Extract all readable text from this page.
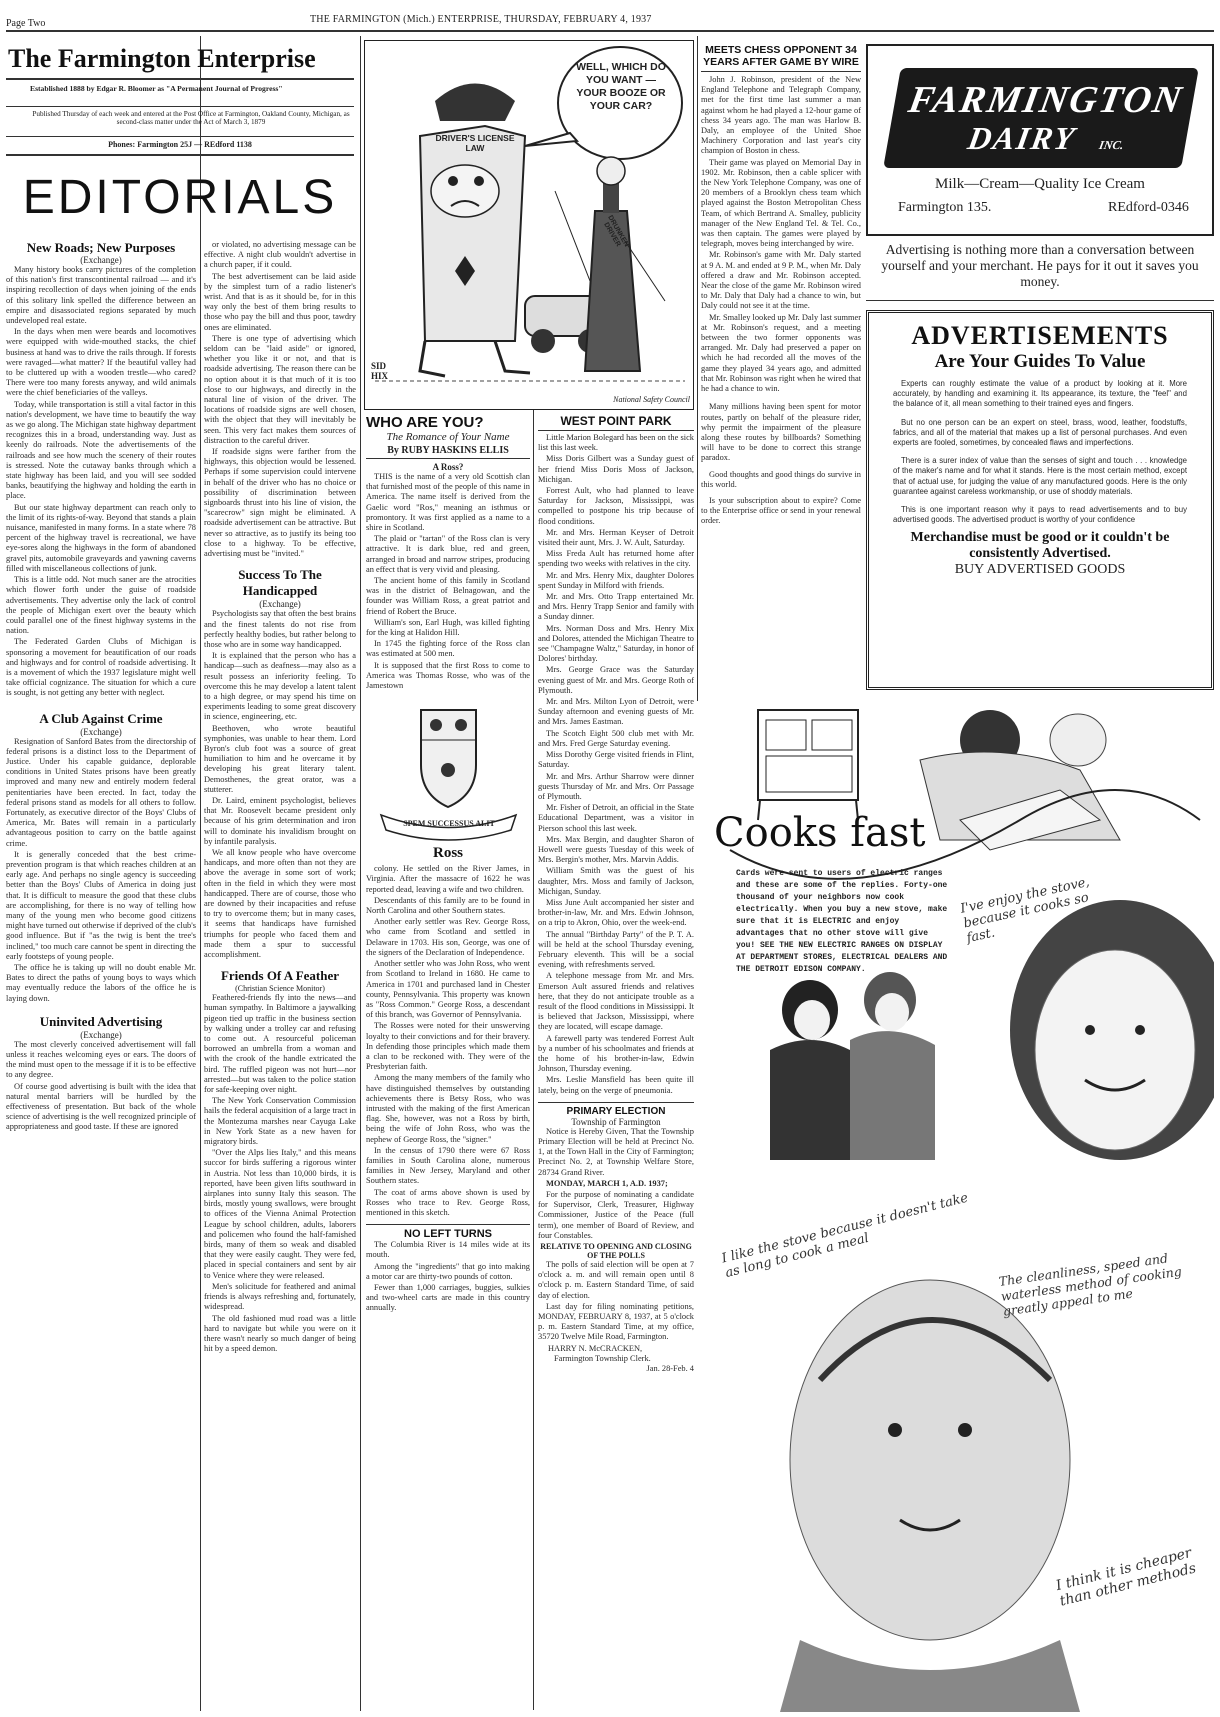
Page Two	THE FARMINGTON (Mich.) ENTERPRISE, THURSDAY, FEBRUARY 4, 1937
The Farmington Enterprise
Established 1888 by Edgar R. Bloomer as "A Permanent Journal of Progress"
Published Thursday of each week and entered at the Post Office at Farmington, Oakland County, Michigan, as second-class matter under the Act of March 3, 1879
Phones: Farmington 25J — REdford 1138
EDITORIALS
New Roads; New Purposes
(Exchange)

Many history books carry pictures of the completion of this nation's first transcontinental railroad — and it's inspiring recollection of days when joining of the ends of this solitary link spelled the difference between an empire and disassociated regions separated by much undeveloped real estate.

In the days when men were beards and locomotives were equipped with wide-mouthed stacks, the chief business at hand was to drive the rails through. If forests were ravaged—what matter? If the beautiful valley had to be cluttered up with a wooden trestle—who cared? There were too many forests anyway, and wild animals were the chief beneficiaries of the valleys.

Today, while transportation is still a vital factor in this nation's development, we have time to beautify the way as we go along. The Michigan state highway department recognizes this in a broad, understanding way. Just as keenly do railroads. Note the advertisements of the railroads and see how much the scenery of their routes is stressed. Note the cutaway banks through which a state highway has been laid, and you will see sodded banks, beautifying the highway and holding the earth in place.

But our state highway department can reach only to the limit of its rights-of-way. Beyond that stands a plain nuisance, manifested in many forms. In a state where 78 percent of the highway travel is recreational, we have eye-sores along the highways in the form of abandoned gravel pits, automobile graveyards and yawning caverns filled with miscellaneous collections of junk.

This is a little odd. Not much saner are the atrocities which flower forth under the guise of roadside advertisements. They advertise only the lack of control the people of Michigan exert over the beauty which could parallel one of the finest highway systems in the nation.

The Federated Garden Clubs of Michigan is sponsoring a movement for beautification of our roads and highways and for control of roadside advertising. It is a movement of which the 1937 legislature might well take official cognizance. The situation for which a cure is sought, is not getting any better with neglect.

A Club Against Crime
(Exchange)

Resignation of Sanford Bates from the directorship of federal prisons is a distinct loss to the Department of Justice. Under his capable guidance, deplorable conditions in United States prisons have been greatly improved and many new and entirely modern federal penitentiaries have been erected. In fact, today the federal prisons stand as models for all others to follow. Fortunately, as executive director of the Boys' Clubs of America, Mr. Bates will remain in a particularly advantageous position to carry on the battle against crime.

It is generally conceded that the best crime-prevention program is that which reaches children at an early age. And perhaps no single agency is succeeding better than the Boys' Clubs of America in doing just that. It is difficult to measure the good that these clubs are accomplishing, for there is no way of telling how many of the young men who become good citizens might have turned out otherwise if deprived of the club's good influence. But if "as the twig is bent the tree's inclined," too much care cannot be spent in directing the early footsteps of young people.

The office he is taking up will no doubt enable Mr. Bates to direct the paths of young boys to ways which may eventually reduce the labors of the office he is laying down.

Uninvited Advertising
(Exchange)

The most cleverly conceived advertisement will fall unless it reaches welcoming eyes or ears. The doors of the mind must open to the message if it is to be effective to any degree.

Of course good advertising is built with the idea that natural mental barriers will be hurdled by the effectiveness of presentation. But back of the whole science of advertising is the well recognized principle of appropriateness and good taste. If these are ignored

or violated, no advertising message can be effective. A night club wouldn't advertise in a church paper, if it could.

The best advertisement can be laid aside by the simplest turn of a radio listener's wrist. And that is as it should be, for in this way only the best of them bring results to those who pay the bill and thus poor, tawdry ones are eliminated.

There is one type of advertising which seldom can be "laid aside" or ignored, whether you like it or not, and that is roadside advertising. The reason there can be no option about it is that much of it is too close to our highways, and directly in the natural line of vision of the driver. The locations of roadside signs are well chosen, with the object that they will inevitably be seen. This very fact makes them sources of distraction to the careful driver.

If roadside signs were farther from the highways, this objection would be lessened. Perhaps if some supervision could intervene in behalf of the driver who has no choice or possibility of discrimination between signboards thrust into his line of vision, the "scarecrow" sign might be eliminated. A roadside advertisement can be attractive. But never so attractive, as to justify its being too close to a highway. To be effective, advertising must be "invited."

Success To The Handicapped
(Exchange)

Psychologists say that often the best brains and the finest talents do not rise from perfectly healthy bodies, but rather belong to those who are in some way handicapped.

It is explained that the person who has a handicap—such as deafness—may also as a result possess an inferiority feeling. To overcome this he may develop a latent talent to a high degree, or may spend his time on experiments leading to some great discovery in science, engineering, etc.

Beethoven, who wrote beautiful symphonies, was unable to hear them. Lord Byron's club foot was a source of great humiliation to him and he overcame it by developing his great literary talent. Demosthenes, the great orator, was a stutterer.

Dr. Laird, eminent psychologist, believes that Mr. Roosevelt became president only because of his grim determination and iron will to dominate his invalidism brought on by infantile paralysis.

We all know people who have overcome handicaps, and more often than not they are above the average in some sort of work; often in the field in which they were most handicapped. There are of course, those who are downed by their incapacities and refuse to try to overcome them; but in many cases, it seems that handicaps have furnished triumphs for people who faced them and made them a spur to successful accomplishment.

Friends Of A Feather
(Christian Science Monitor)

Feathered-friends fly into the news—and human sympathy. In Baltimore a jaywalking pigeon tied up traffic in the business section by walking under a trolley car and refusing to come out. A resourceful policeman borrowed an umbrella from a woman and with the crook of the handle extricated the bird. The ruffled pigeon was not hurt—nor arrested—but was taken to the police station for safe-keeping over night.

The New York Conservation Commission hails the federal acquisition of a large tract in the Montezuma marshes near Cayuga Lake in New York State as a new haven for migratory birds.

"Over the Alps lies Italy," and this means succor for birds suffering a rigorous winter in Austria. Not less than 10,000 birds, it is reported, have been given lifts southward in airplanes into sunny Italy this season. The birds, mostly young swallows, were brought to offices of the Vienna Animal Protection League by school children, adults, laborers and policemen who found the half-famished birds, many of them so weak and disabled that they were easily caught. They were fed, placed in special containers and sent by air to Venice where they were released.

Men's solicitude for feathered and animal friends is always refreshing and, fortunately, widespread.

The old fashioned mud road was a little hard to navigate but while you were on it there wasn't nearly so much danger of being hit by a speed demon.

WELL, WHICH DO YOU WANT — YOUR BOOZE OR YOUR CAR?
DRIVER'S LICENSE LAW
DRUNKEN DRIVER
SID HIX
National Safety Council
WHO ARE YOU?
The Romance of Your Name
By RUBY HASKINS ELLIS
A Ross?

THIS is the name of a very old Scottish clan that furnished most of the people of this name in America. The name itself is derived from the Gaelic word "Ros," meaning an isthmus or promontory. It was first applied as a name to a shire in Scotland.

The plaid or "tartan" of the Ross clan is very attractive. It is dark blue, red and green, arranged in broad and narrow stripes, producing an effect that is very vivid and pleasing.

The ancient home of this family in Scotland was in the district of Belnagowan, and the founder was William Ross, a great patriot and friend of Robert the Bruce.

William's son, Earl Hugh, was killed fighting for the king at Halidon Hill.

In 1745 the fighting force of the Ross clan was estimated at 500 men.

It is supposed that the first Ross to come to America was Thomas Rosse, who was of the Jamestown

SPEM SUCCESSUS ALIT
Ross

colony. He settled on the River James, in Virginia. After the massacre of 1622 he was reported dead, leaving a wife and two children.

Descendants of this family are to be found in North Carolina and other Southern states.

Another early settler was Rev. George Ross, who came from Scotland and settled in Delaware in 1703. His son, George, was one of the signers of the Declaration of Independence.

Another settler who was John Ross, who went from Scotland to Ireland in 1680. He came to America in 1701 and purchased land in Chester county, Pennsylvania. This property was known as "Ross Common." George Ross, a descendant of this branch, was Governor of Pennsylvania.

The Rosses were noted for their unswerving loyalty to their convictions and for their bravery. In defending those principles which made them a clan to be reckoned with. They were of the Presbyterian faith.

Among the many members of the family who have distinguished themselves by outstanding achievements there is Betsy Ross, who was intrusted with the making of the first American flag. She, however, was not a Ross by birth, being the wife of John Ross, who was the nephew of George Ross, the "signer."

In the census of 1790 there were 67 Ross families in South Carolina alone, numerous families in New Jersey, Maryland and other Southern states.

The coat of arms above shown is used by Rosses who trace to Rev. George Ross, mentioned in this sketch.

NO LEFT TURNS

The Columbia River is 14 miles wide at its mouth.

Among the "ingredients" that go into making a motor car are thirty-two pounds of cotton.

Fewer than 1,000 carriages, buggies, sulkies and two-wheel carts are made in this country annually.

WEST POINT PARK

Little Marion Bolegard has been on the sick list this last week.

Miss Doris Gilbert was a Sunday guest of her friend Miss Doris Moss of Jackson, Michigan.

Forrest Ault, who had planned to leave Saturday for Jackson, Mississippi, was compelled to postpone his trip because of flood conditions.

Mr. and Mrs. Herman Keyser of Detroit visited their aunt, Mrs. J. W. Ault, Saturday.

Miss Freda Ault has returned home after spending two weeks with relatives in the city.

Mr. and Mrs. Henry Mix, daughter Dolores spent Sunday in Milford with friends.

Mr. and Mrs. Otto Trapp entertained Mr. and Mrs. Henry Trapp Senior and family with a Sunday dinner.

Mrs. Norman Doss and Mrs. Henry Mix and Dolores, attended the Michigan Theatre to see "Champagne Waltz," Saturday, in honor of Dolores' birthday.

Mrs. George Grace was the Saturday evening guest of Mr. and Mrs. George Roth of Plymouth.

Mr. and Mrs. Milton Lyon of Detroit, were Sunday afternoon and evening guests of Mr. and Mrs. James Eastman.

The Scotch Eight 500 club met with Mr. and Mrs. Fred Gerge Saturday evening.

Miss Dorothy Gerge visited friends in Flint, Saturday.

Mr. and Mrs. Arthur Sharrow were dinner guests Thursday of Mr. and Mrs. Orr Passage of Plymouth.

Mr. Fisher of Detroit, an official in the State Educational Department, was a visitor in Pierson school this last week.

Mrs. Max Bergin, and daughter Sharon of Howell were guests Tuesday of this week of Mrs. Bergin's mother, Mrs. Marvin Addis.

William Smith was the guest of his daughter, Mrs. Moss and family of Jackson, Michigan, Sunday.

Miss June Ault accompanied her sister and brother-in-law, Mr. and Mrs. Edwin Johnson, on a trip to Akron, Ohio, over the week-end.

The annual "Birthday Party" of the P. T. A. will be held at the school Thursday evening, February eleventh. This will be a social evening, with refreshments served.

A telephone message from Mr. and Mrs. Emerson Ault assured friends and relatives here, that they do not anticipate trouble as a result of the flood conditions in Mississippi. It is believed that Jackson, Mississippi, where they are located, will escape damage.

A farewell party was tendered Forrest Ault by a number of his schoolmates and friends at the home of his brother-in-law, Edwin Johnson, Thursday evening.

Mrs. Leslie Mansfield has been quite ill lately, being on the verge of pneumonia.

PRIMARY ELECTION
Township of Farmington

Notice is Hereby Given, That the Township Primary Election will be held at Precinct No. 1, at the Town Hall in the City of Farmington; Precinct No. 2, at Township Welfare Store, 28734 Grand River.

MONDAY, MARCH 1, A.D. 1937;

For the purpose of nominating a candidate for Supervisor, Clerk, Treasurer, Highway Commissioner, Justice of the Peace (full term), one member of Board of Review, and four Constables.

RELATIVE TO OPENING AND CLOSING OF THE POLLS

The polls of said election will be open at 7 o'clock a. m. and will remain open until 8 o'clock p. m. Eastern Standard Time, of said day of election.

Last day for filing nominating petitions, MONDAY, FEBRUARY 8, 1937, at 5 o'clock p. m. Eastern Standard Time, at my office, 35720 Twelve Mile Road, Farmington.

HARRY N. McCRACKEN,
Farmington Township Clerk.
Jan. 28-Feb. 4
MEETS CHESS OPPONENT 34 YEARS AFTER GAME BY WIRE

John J. Robinson, president of the New England Telephone and Telegraph Company, met for the first time last summer a man against whom he had played a 12-hour game of chess 34 years ago. The man was Harlow B. Daly, an employee of the United Shoe Machinery Corporation and last year's city champion of Boston in chess.

Their game was played on Memorial Day in 1902. Mr. Robinson, then a cable splicer with the New York Telephone Company, was one of 20 members of a Brooklyn chess team which played against the Boston Metropolitan Chess Team, of which Bertrand A. Smalley, publicity manager of the New England Tel. & Tel. Co., was then captain. The games were played by telegraph, moves being interchanged by wire.

Mr. Robinson's game with Mr. Daly started at 9 A. M. and ended at 9 P. M., when Mr. Daly offered a draw and Mr. Robinson accepted. Near the close of the game Mr. Robinson wired to Mr. Daly that Daly had a chance to win, but Daly could not see it at the time.

Mr. Smalley looked up Mr. Daly last summer at Mr. Robinson's request, and a meeting between the two former opponents was arranged. Mr. Daly had preserved a paper on which he had recorded all the moves of the game they played 34 years ago, and admitted that Mr. Robinson was right when he wired that he had a chance to win.

Many millions having been spent for motor routes, partly on behalf of the pleasure rider, why permit the impairment of the pleasure along these routes by billboards? Something will have to be done to correct this strange paradox.

Good thoughts and good things do survive in this world.

Is your subscription about to expire? Come to the Enterprise office or send in your renewal order.

FARMINGTON
DAIRY INC.
Milk—Cream—Quality Ice Cream
Farmington 135.	REdford-0346
Advertising is nothing more than a conversation between yourself and your merchant. He pays for it out it saves you money.
ADVERTISEMENTS
Are Your Guides To Value

Experts can roughly estimate the value of a product by looking at it. More accurately, by handling and examining it. Its appearance, its texture, the "feel" and the balance of it, all mean something to their trained eyes and fingers.

But no one person can be an expert on steel, brass, wood, leather, foodstuffs, fabrics, and all of the material that makes up a list of personal purchases. And even experts are fooled, sometimes, by concealed flaws and imperfections.

There is a surer index of value than the senses of sight and touch . . . knowledge of the maker's name and for what it stands. Here is the most certain method, except that of actual use, for judging the value of any manufactured goods. Here is the only guarantee against careless workmanship, or use of shoddy materials.

This is one important reason why it pays to read advertisements and to buy advertised goods. The advertised product is worthy of your confidence

Merchandise must be good or it couldn't be consistently Advertised.
BUY ADVERTISED GOODS
Cooks fast
Cards were sent to users of electric ranges and these are some of the replies. Forty-one thousand of your neighbors now cook electrically. When you buy a new stove, make sure that it is ELECTRIC and enjoy advantages that no other stove will give you! SEE THE NEW ELECTRIC RANGES ON DISPLAY AT DEPARTMENT STORES, ELECTRICAL DEALERS AND THE DETROIT EDISON COMPANY.
I've enjoy the stove, because it cooks so fast.
I like the stove because it doesn't take as long to cook a meal	The cleanliness, speed and waterless method of cooking greatly appeal to me
I think it is cheaper than other methods
